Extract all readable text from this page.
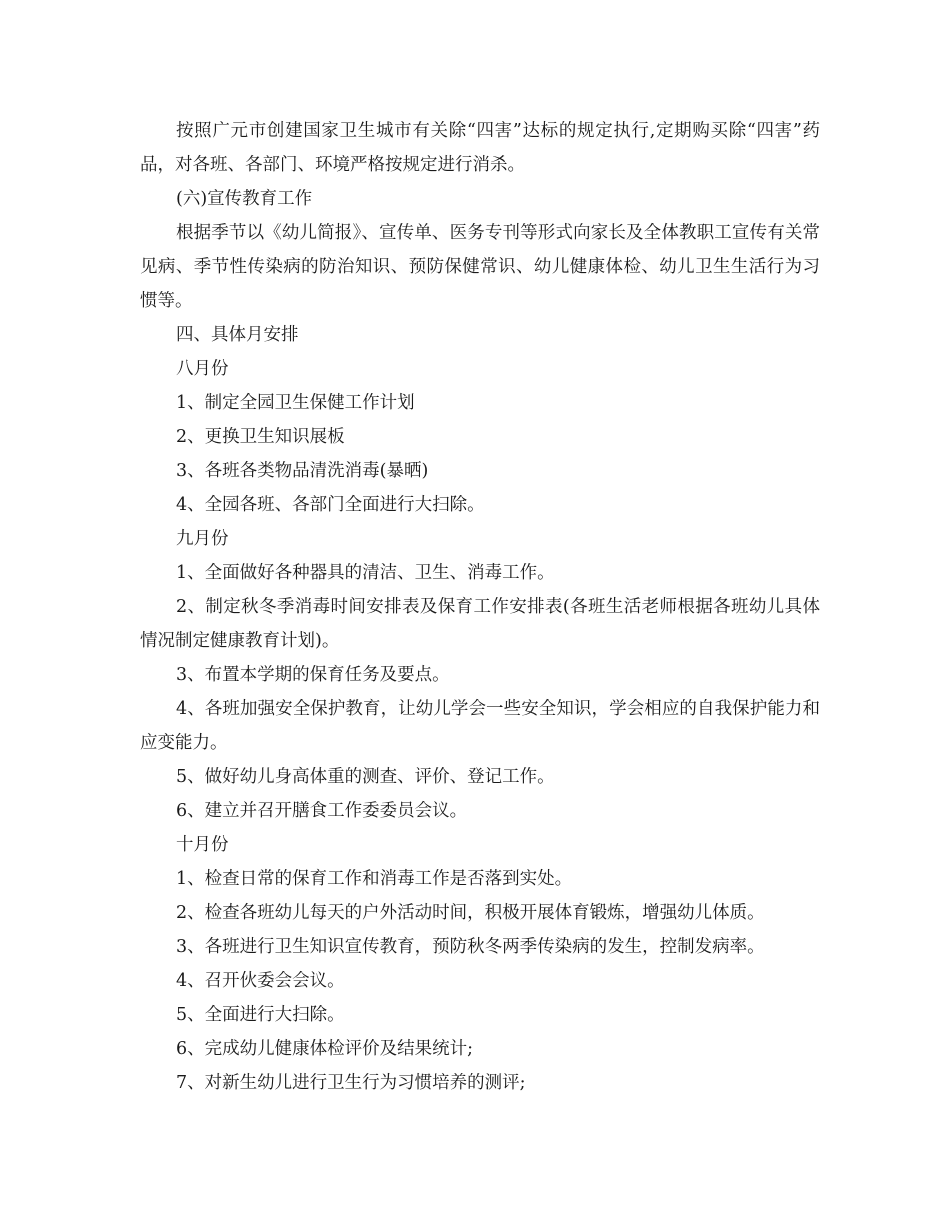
按照广元市创建国家卫生城市有关除“四害”达标的规定执行,定期购买除“四害”药品，对各班、各部门、环境严格按规定进行消杀。

(六)宣传教育工作

根据季节以《幼儿简报》、宣传单、医务专刊等形式向家长及全体教职工宣传有关常见病、季节性传染病的防治知识、预防保健常识、幼儿健康体检、幼儿卫生生活行为习惯等。

四、具体月安排

八月份

1、制定全园卫生保健工作计划

2、更换卫生知识展板

3、各班各类物品清洗消毒(暴晒)

4、全园各班、各部门全面进行大扫除。

九月份

1、全面做好各种器具的清洁、卫生、消毒工作。

2、制定秋冬季消毒时间安排表及保育工作安排表(各班生活老师根据各班幼儿具体情况制定健康教育计划)。

3、布置本学期的保育任务及要点。

4、各班加强安全保护教育，让幼儿学会一些安全知识，学会相应的自我保护能力和应变能力。

5、做好幼儿身高体重的测查、评价、登记工作。

6、建立并召开膳食工作委委员会议。

十月份

1、检查日常的保育工作和消毒工作是否落到实处。

2、检查各班幼儿每天的户外活动时间，积极开展体育锻炼，增强幼儿体质。

3、各班进行卫生知识宣传教育，预防秋冬两季传染病的发生，控制发病率。

4、召开伙委会会议。

5、全面进行大扫除。

6、完成幼儿健康体检评价及结果统计;

7、对新生幼儿进行卫生行为习惯培养的测评;
